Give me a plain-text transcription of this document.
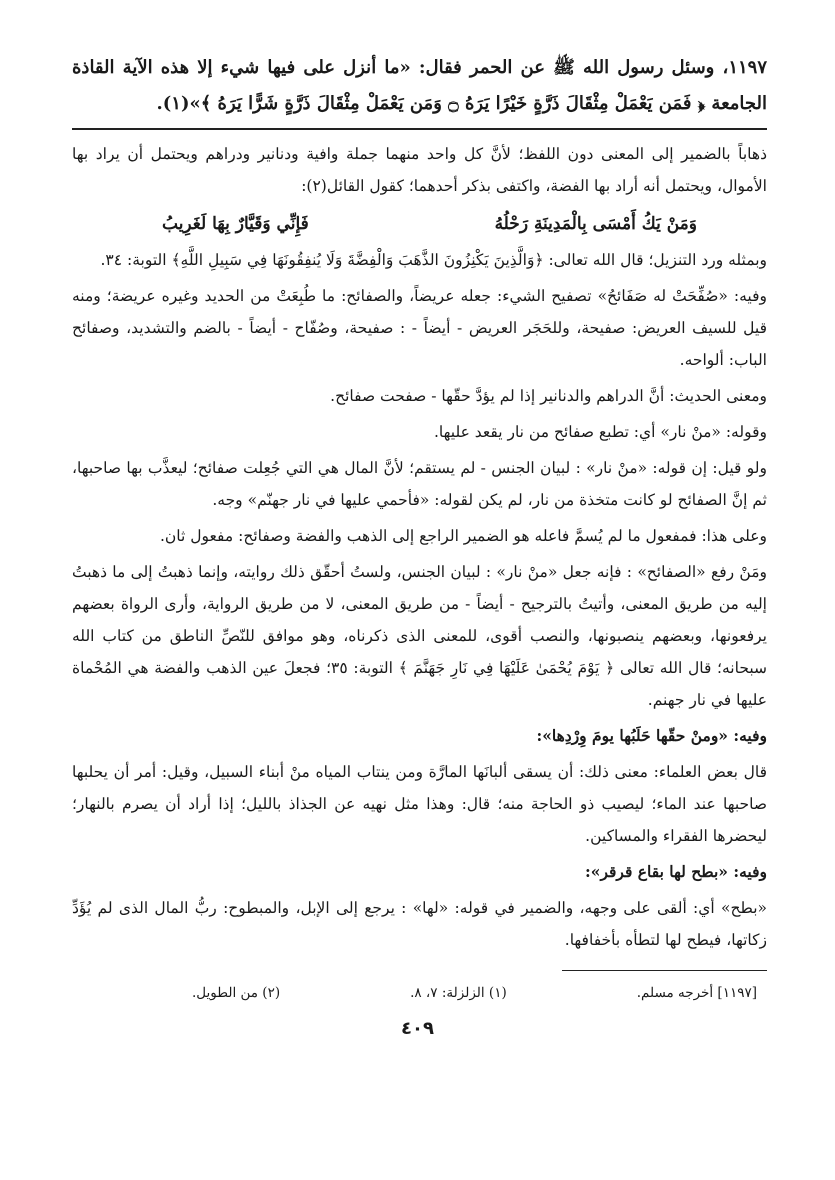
١١٩٧، وسئل رسول الله ﷺ عن الحمر فقال: «ما أنزل على فيها شيء إلا هذه الآية القاذة الجامعة ﴿ فَمَن يَعْمَلْ مِثْقَالَ ذَرَّةٍ خَيْرًا يَرَهُ ۝ وَمَن يَعْمَلْ مِثْقَالَ ذَرَّةٍ شَرًّا يَرَهُ ﴾»(١).

ذهاباً بالضمير إلى المعنى دون اللفظ؛ لأنَّ كل واحد منهما جملة وافية ودنانير ودراهم ويحتمل أن يراد بها الأموال، ويحتمل أنه أراد بها الفضة، واكتفى بذكر أحدهما؛ كقول القائل(٢):

وَمَنْ يَكُ أَمْسَى بِالْمَدِينَةِ رَحْلُهُ
فَإِنِّي وَقَيَّارٌ بِهَا لَغَرِيبُ

وبمثله ورد التنزيل؛ قال الله تعالى: ﴿وَالَّذِينَ يَكْنِزُونَ الذَّهَبَ وَالْفِضَّةَ وَلَا يُنفِقُونَهَا فِي سَبِيلِ اللَّهِ﴾ التوبة: ٣٤.

وفيه: «صُفِّحَتْ له صَفَائحُ» تصفيح الشيء: جعله عريضاً، والصفائح: ما طُبِعَتْ من الحديد وغيره عريضة؛ ومنه قيل للسيف العريض: صفيحة، وللحَجَر العريض - أيضاً - : صفيحة، وصُفّاح - أيضاً - بالضم والتشديد، وصفائح الباب: ألواحه.

ومعنى الحديث: أنَّ الدراهم والدنانير إذا لم يؤدَّ حقّها - صفحت صفائح.

وقوله: «منْ نار» أي: تطبع صفائح من نار يقعد عليها.

ولو قيل: إن قوله: «منْ نار» : لبيان الجنس - لم يستقم؛ لأنَّ المال هي التي جُعِلت صفائح؛ ليعذَّب بها صاحبها، ثم إنَّ الصفائح لو كانت متخذة من نار، لم يكن لقوله: «فأحمي عليها في نار جهنّم» وجه.

وعلى هذا: فمفعول ما لم يُسمَّ فاعله هو الضمير الراجع إلى الذهب والفضة وصفائح: مفعول ثان.

ومَنْ رفع «الصفائح» : فإنه جعل «منْ نار» : لبيان الجنس، ولستُ أحقّق ذلك روايته، وإنما ذهبتُ إلى ما ذهبتُ إليه من طريق المعنى، وأتيتُ بالترجيح - أيضاً - من طريق المعنى، لا من طريق الرواية، وأرى الرواة بعضهم يرفعونها، وبعضهم ينصبونها، والنصب أقوى، للمعنى الذى ذكرناه، وهو موافق للنّصِّ الناطق من كتاب الله سبحانه؛ قال الله تعالى ﴿ يَوْمَ يُحْمَىٰ عَلَيْهَا فِي نَارِ جَهَنَّمَ ﴾ التوبة: ٣٥؛ فجعلَ عين الذهب والفضة هي المُحْماة عليها في نار جهنم.

وفيه: «ومنْ حقّها حَلَبُها يومَ وِرْدِها»:

قال بعض العلماء: معنى ذلك: أن يسقى ألبانَها المارَّة ومن ينتاب المياه منْ أبناء السبيل، وقيل: أمر أن يحلبها صاحبها عند الماء؛ ليصيب ذو الحاجة منه؛ قال: وهذا مثل نهيه عن الجذاذ بالليل؛ إذا أراد أن يصرم بالنهار؛ ليحضرها الفقراء والمساكين.

وفيه: «بطح لها بقاع قرقر»:

«بطح» أي: ألقى على وجهه، والضمير في قوله: «لها» : يرجع إلى الإبل، والمبطوح: ربُّ المال الذى لم يُؤَدِّ زكاتها، فيطح لها لتطأه بأخفافها.

[١١٩٧] أخرجه مسلم.
(١) الزلزلة: ٧، ٨.
(٢) من الطويل.
٤٠٩
